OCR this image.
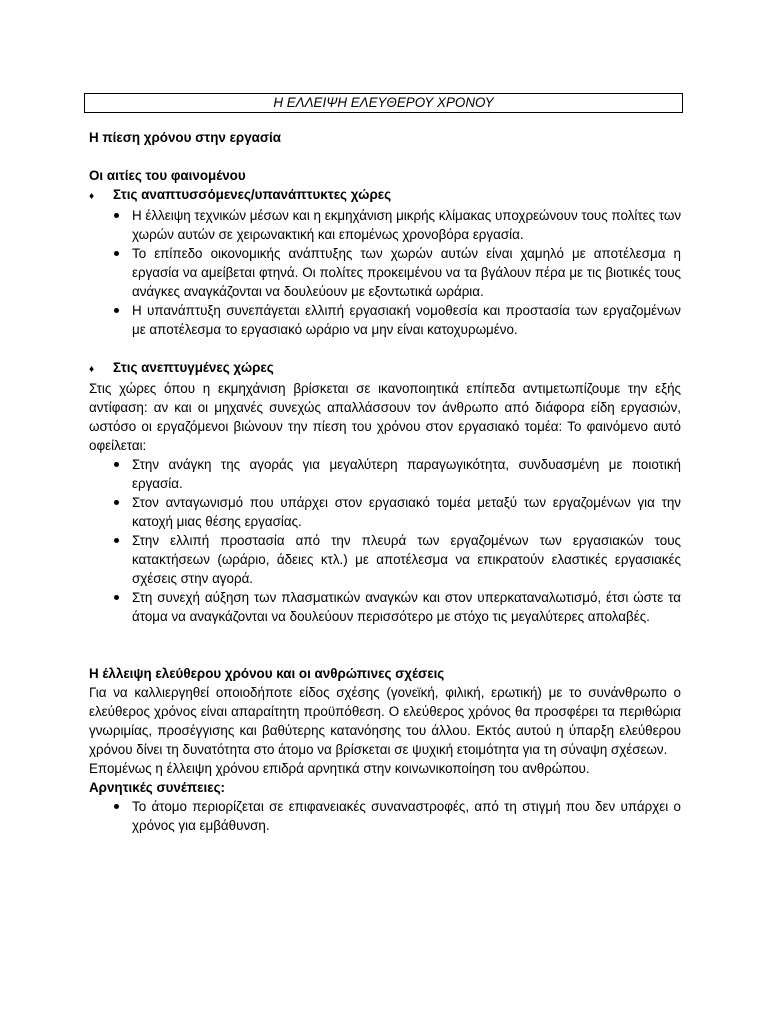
Η ΕΛΛΕΙΨΗ ΕΛΕΥΘΕΡΟΥ ΧΡΟΝΟΥ

Η πίεση χρόνου στην εργασία

Οι αιτίες του φαινομένου

♦	Στις αναπτυσσόμενες/υπανάπτυκτες χώρες
Η έλλειψη τεχνικών μέσων και η εκμηχάνιση μικρής κλίμακας υποχρεώνουν τους πολίτες των χωρών αυτών σε χειρωνακτική και επομένως χρονοβόρα εργασία.
Το επίπεδο οικονομικής ανάπτυξης των χωρών αυτών είναι χαμηλό με αποτέλεσμα η εργασία να αμείβεται φτηνά. Οι πολίτες προκειμένου να τα βγάλουν πέρα με τις βιοτικές τους ανάγκες αναγκάζονται να δουλεύουν με εξοντωτικά ωράρια.
Η υπανάπτυξη συνεπάγεται ελλιπή εργασιακή νομοθεσία και προστασία των εργαζομένων με αποτέλεσμα το εργασιακό ωράριο να μην είναι κατοχυρωμένο.
♦	Στις ανεπτυγμένες χώρες

Στις χώρες όπου η εκμηχάνιση βρίσκεται σε ικανοποιητικά επίπεδα αντιμετωπίζουμε την εξής αντίφαση: αν και οι μηχανές συνεχώς απαλλάσσουν τον άνθρωπο από διάφορα είδη εργασιών, ωστόσο οι εργαζόμενοι βιώνουν την πίεση του χρόνου στον εργασιακό τομέα: Το φαινόμενο αυτό οφείλεται:

Στην ανάγκη της αγοράς για μεγαλύτερη παραγωγικότητα, συνδυασμένη με ποιοτική εργασία.
Στον ανταγωνισμό που υπάρχει στον εργασιακό τομέα μεταξύ των εργαζομένων για την κατοχή μιας θέσης εργασίας.
Στην ελλιπή προστασία από την πλευρά των εργαζομένων των εργασιακών τους κατακτήσεων (ωράριο, άδειες κτλ.) με αποτέλεσμα να επικρατούν ελαστικές εργασιακές σχέσεις στην αγορά.
Στη συνεχή αύξηση των πλασματικών αναγκών και στον υπερκαταναλωτισμό, έτσι ώστε τα άτομα να αναγκάζονται να δουλεύουν περισσότερο με στόχο τις μεγαλύτερες απολαβές.

Η έλλειψη ελεύθερου χρόνου και οι ανθρώπινες σχέσεις

Για να καλλιεργηθεί οποιοδήποτε είδος σχέσης (γονεϊκή, φιλική, ερωτική) με το συνάνθρωπο ο ελεύθερος χρόνος είναι απαραίτητη προϋπόθεση. Ο ελεύθερος χρόνος θα προσφέρει τα περιθώρια γνωριμίας, προσέγγισης και βαθύτερης κατανόησης του άλλου. Εκτός αυτού η ύπαρξη ελεύθερου χρόνου δίνει τη δυνατότητα στο άτομο να βρίσκεται σε ψυχική ετοιμότητα για τη σύναψη σχέσεων.

Επομένως η έλλειψη χρόνου επιδρά αρνητικά στην κοινωνικοποίηση του ανθρώπου.

Αρνητικές συνέπειες:

Το άτομο περιορίζεται σε επιφανειακές συναναστροφές, από τη στιγμή που δεν υπάρχει ο χρόνος για εμβάθυνση.
